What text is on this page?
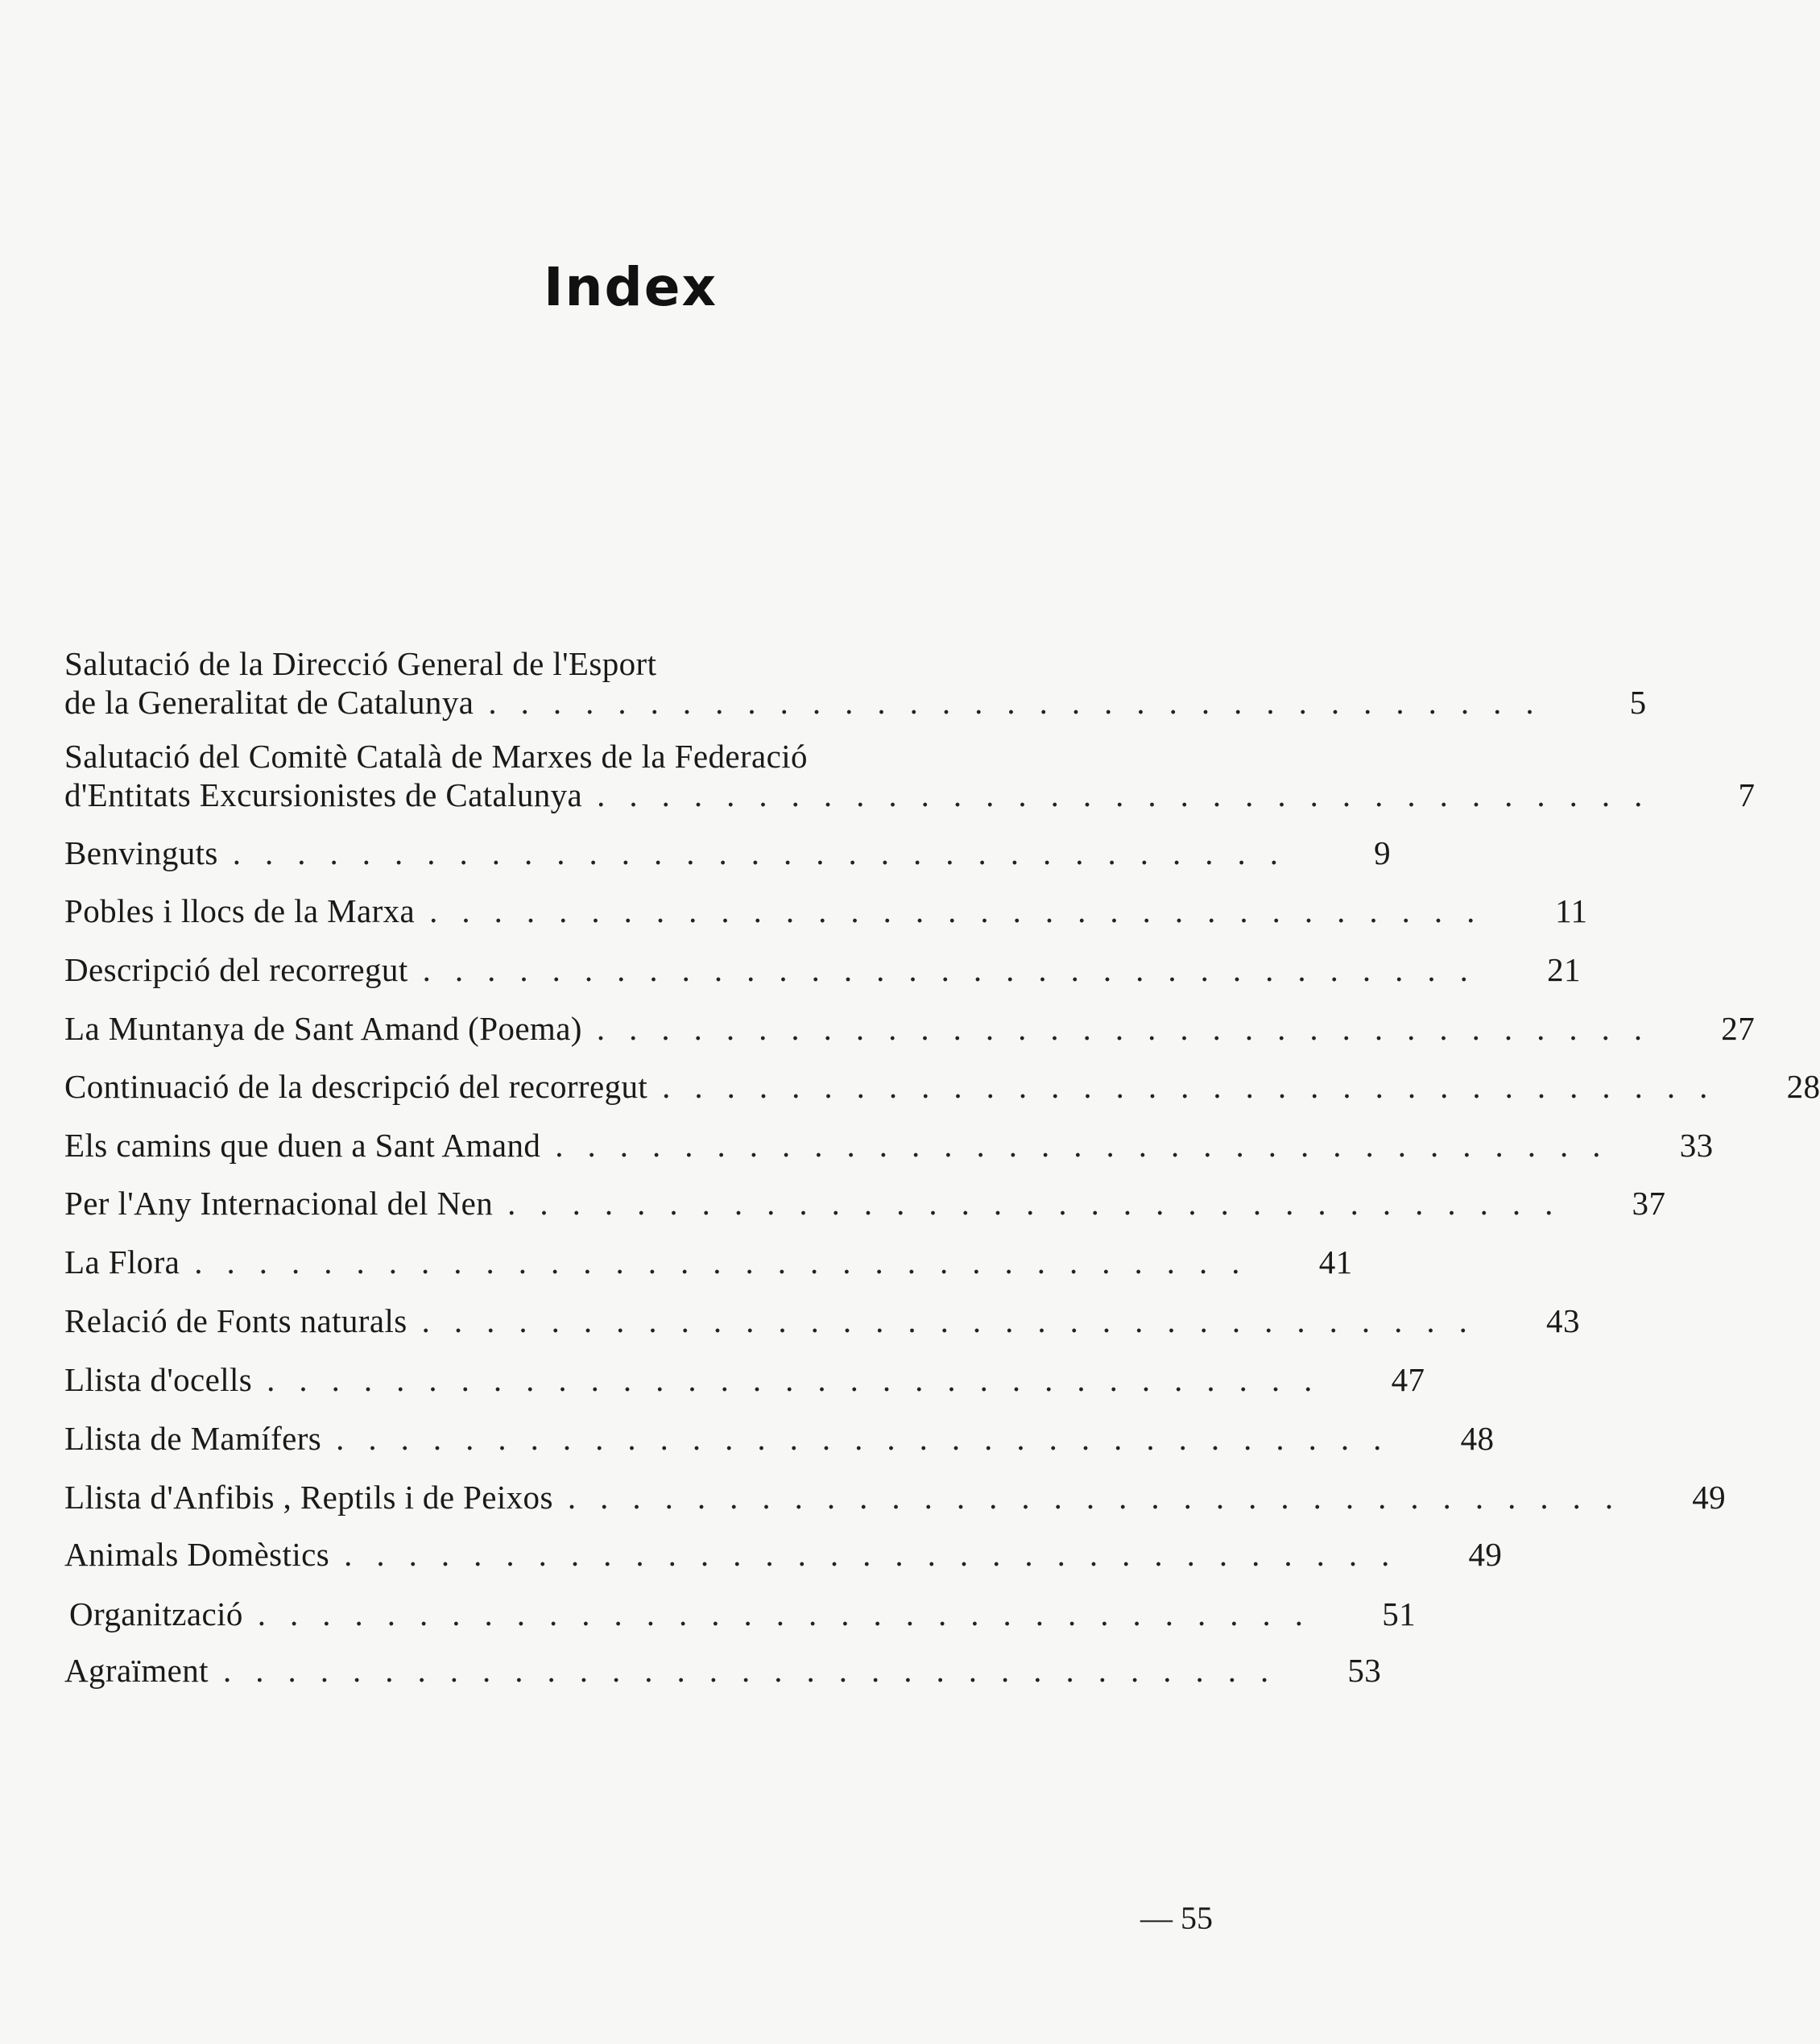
Index
Salutació de la Direcció General de l'Esport
de la Generalitat de Catalunya .................................	5
Salutació del Comitè Català de Marxes de la Federació
d'Entitats Excursionistes de Catalunya .................................	7
Benvinguts .................................	9
Pobles i llocs de la Marxa .................................	11
Descripció del recorregut .................................	21
La Muntanya de Sant Amand (Poema) .................................	27
Continuació de la descripció del recorregut .................................	28
Els camins que duen a Sant Amand .................................	33
Per l'Any Internacional del Nen .................................	37
La Flora .................................	41
Relació de Fonts naturals .................................	43
Llista d'ocells .................................	47
Llista de Mamífers .................................	48
Llista d'Anfibis , Reptils i de Peixos .................................	49
Animals Domèstics .................................	49
Organització .................................	51
Agraïment .................................	53
— 55
